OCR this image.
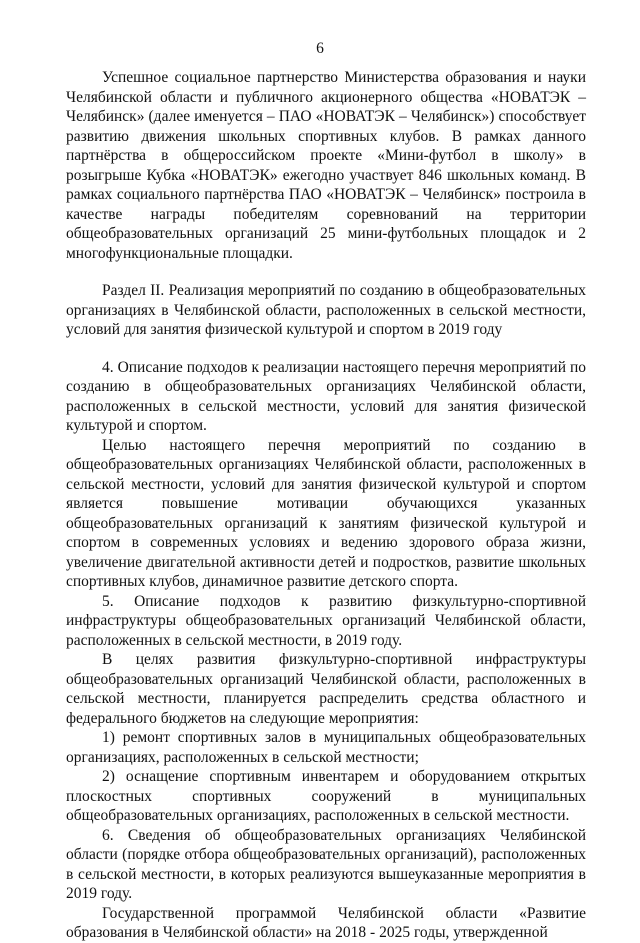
6

Успешное социальное партнерство Министерства образования и науки Челябинской области и публичного акционерного общества «НОВАТЭК – Челябинск» (далее именуется – ПАО «НОВАТЭК – Челябинск») способствует развитию движения школьных спортивных клубов. В рамках данного партнёрства в общероссийском проекте «Мини-футбол в школу» в розыгрыше Кубка «НОВАТЭК» ежегодно участвует 846 школьных команд. В рамках социального партнёрства ПАО «НОВАТЭК – Челябинск» построила в качестве награды победителям соревнований на территории общеобразовательных организаций 25 мини-футбольных площадок и 2 многофункциональные площадки.

Раздел II. Реализация мероприятий по созданию в общеобразовательных организациях в Челябинской области, расположенных в сельской местности, условий для занятия физической культурой и спортом в 2019 году

4. Описание подходов к реализации настоящего перечня мероприятий по созданию в общеобразовательных организациях Челябинской области, расположенных в сельской местности, условий для занятия физической культурой и спортом.

Целью настоящего перечня мероприятий по созданию в общеобразовательных организациях Челябинской области, расположенных в сельской местности, условий для занятия физической культурой и спортом является повышение мотивации обучающихся указанных общеобразовательных организаций к занятиям физической культурой и спортом в современных условиях и ведению здорового образа жизни, увеличение двигательной активности детей и подростков, развитие школьных спортивных клубов, динамичное развитие детского спорта.

5. Описание подходов к развитию физкультурно-спортивной инфраструктуры общеобразовательных организаций Челябинской области, расположенных в сельской местности, в 2019 году.

В целях развития физкультурно-спортивной инфраструктуры общеобразовательных организаций Челябинской области, расположенных в сельской местности, планируется распределить средства областного и федерального бюджетов на следующие мероприятия:

1) ремонт спортивных залов в муниципальных общеобразовательных организациях, расположенных в сельской местности;

2) оснащение спортивным инвентарем и оборудованием открытых плоскостных спортивных сооружений в муниципальных общеобразовательных организациях, расположенных в сельской местности.

6. Сведения об общеобразовательных организациях Челябинской области (порядке отбора общеобразовательных организаций), расположенных в сельской местности, в которых реализуются вышеуказанные мероприятия в 2019 году.

Государственной программой Челябинской области «Развитие образования в Челябинской области» на 2018 - 2025 годы, утвержденной
